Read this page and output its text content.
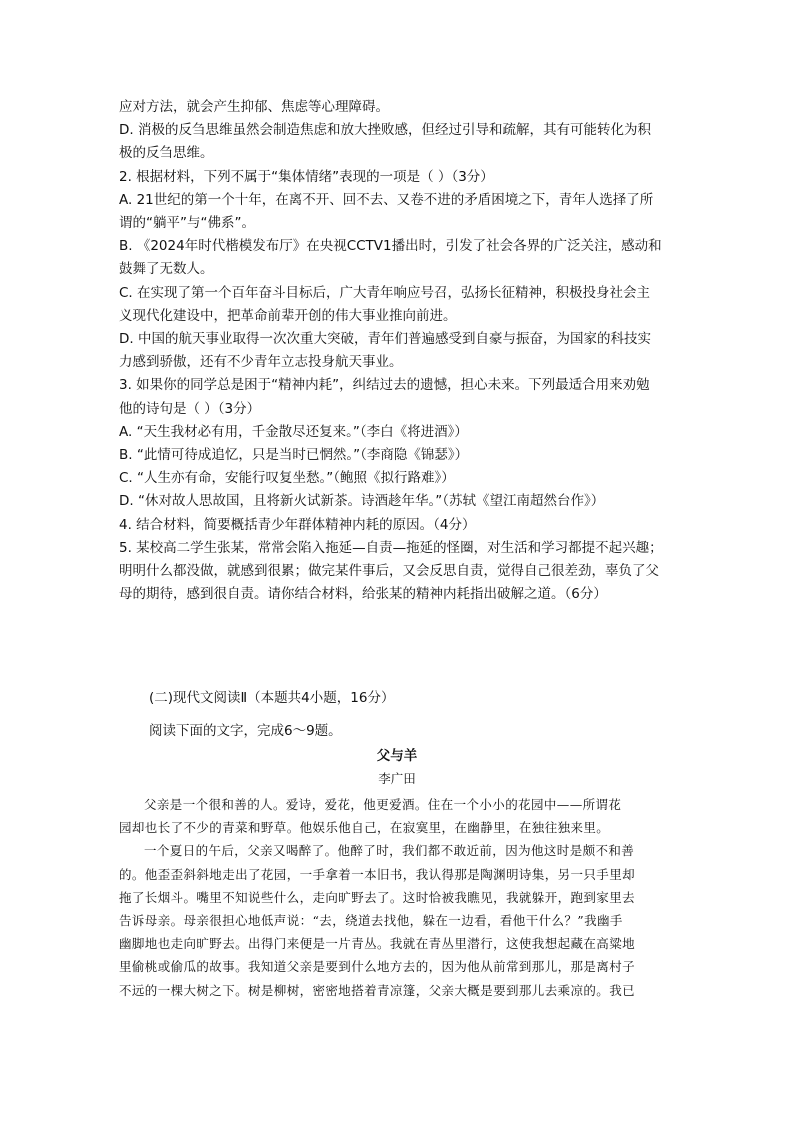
应对方法，就会产生抑郁、焦虑等心理障碍。

D. 消极的反刍思维虽然会制造焦虑和放大挫败感，但经过引导和疏解，其有可能转化为积

极的反刍思维。

2. 根据材料，下列不属于“集体情绪”表现的一项是（ ）（3分）

A. 21世纪的第一个十年，在离不开、回不去、又卷不进的矛盾困境之下，青年人选择了所

谓的“躺平”与“佛系”。

B. 《2024年时代楷模发布厅》在央视CCTV1播出时，引发了社会各界的广泛关注，感动和

鼓舞了无数人。

C. 在实现了第一个百年奋斗目标后，广大青年响应号召，弘扬长征精神，积极投身社会主

义现代化建设中，把革命前辈开创的伟大事业推向前进。

D. 中国的航天事业取得一次次重大突破，青年们普遍感受到自豪与振奋，为国家的科技实

力感到骄傲，还有不少青年立志投身航天事业。

3. 如果你的同学总是困于“精神内耗”，纠结过去的遗憾，担心未来。下列最适合用来劝勉

他的诗句是（ ）（3分）

A. “天生我材必有用，千金散尽还复来。”（李白《将进酒》）

B. “此情可待成追忆，只是当时已惘然。”（李商隐《锦瑟》）

C. “人生亦有命，安能行叹复坐愁。”（鲍照《拟行路难》）

D. “休对故人思故国，且将新火试新茶。诗酒趁年华。”（苏轼《望江南超然台作》）

4. 结合材料，简要概括青少年群体精神内耗的原因。（4分）

5. 某校高二学生张某，常常会陷入拖延—自责—拖延的怪圈，对生活和学习都提不起兴趣；

明明什么都没做，就感到很累；做完某件事后，又会反思自责，觉得自己很差劲，辜负了父

母的期待，感到很自责。请你结合材料，给张某的精神内耗指出破解之道。（6分）

(二)现代文阅读Ⅱ（本题共4小题，16分）
阅读下面的文字，完成6～9题。
父与羊
李广田

父亲是一个很和善的人。爱诗，爱花，他更爱酒。住在一个小小的花园中——所谓花

园却也长了不少的青菜和野草。他娱乐他自己，在寂寞里，在幽静里，在独往独来里。

一个夏日的午后，父亲又喝醉了。他醉了时，我们都不敢近前，因为他这时是颇不和善

的。他歪歪斜斜地走出了花园，一手拿着一本旧书，我认得那是陶渊明诗集，另一只手里却

拖了长烟斗。嘴里不知说些什么，走向旷野去了。这时恰被我瞧见，我就躲开，跑到家里去

告诉母亲。母亲很担心地低声说：“去，绕道去找他，躲在一边看，看他干什么？”我幽手

幽脚地也走向旷野去。出得门来便是一片青丛。我就在青丛里潜行，这使我想起藏在高粱地

里偷桃或偷瓜的故事。我知道父亲是要到什么地方去的，因为他从前常到那儿，那是离村子

不远的一棵大树之下。树是柳树，密密地搭着青凉篷，父亲大概是要到那儿去乘凉的。我已
